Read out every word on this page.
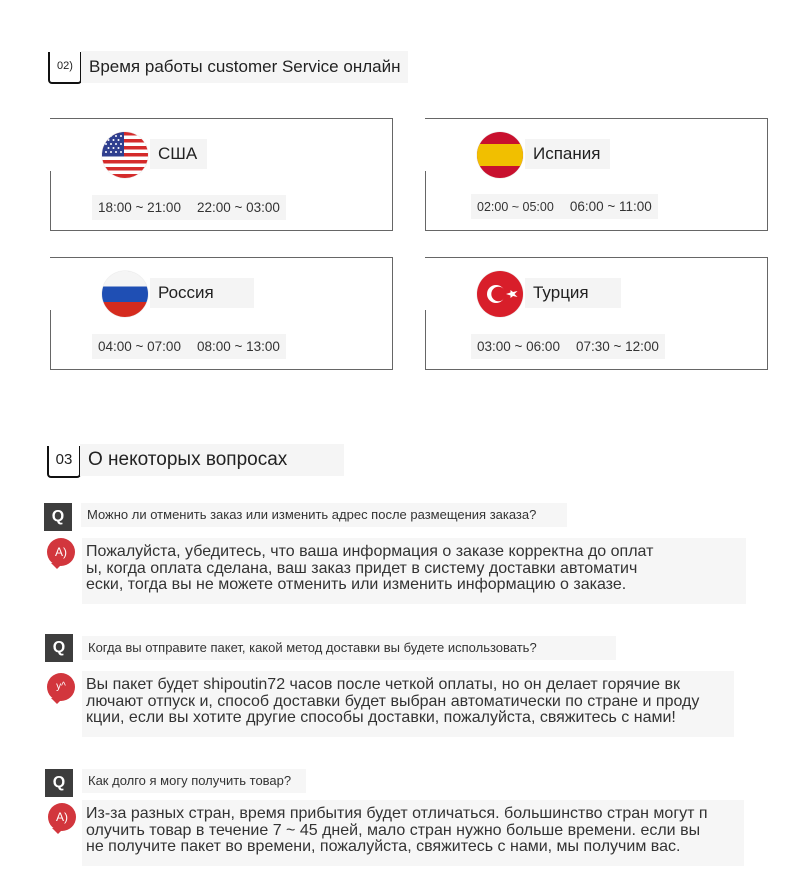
02) Время работы customer Service онлайн
США
18:00 ~ 21:00 22:00 ~ 03:00
Испания
02:00 ~ 05:00 06:00 ~ 11:00
Россия
04:00 ~ 07:00 08:00 ~ 13:00
Турция
03:00 ~ 06:00 07:30 ~ 12:00
03 О некоторых вопросах
Q	Можно ли отменить заказ или изменить адрес после размещения заказа?
A)	Пожалуйста, убедитесь, что ваша информация о заказе корректна до оплат
ы, когда оплата сделана, ваш заказ придет в систему доставки автоматич
ески, тогда вы не можете отменить или изменить информацию о заказе.
Q	Когда вы отправите пакет, какой метод доставки вы будете использовать?
у^	Вы пакет будет shipoutin72 часов после четкой оплаты, но он делает горячие вк
лючают отпуск и, способ доставки будет выбран автоматически по стране и проду
кции, если вы хотите другие способы доставки, пожалуйста, свяжитесь с нами!
Q	Как долго я могу получить товар?
A)	Из-за разных стран, время прибытия будет отличаться. большинство стран могут п
олучить товар в течение 7 ~ 45 дней, мало стран нужно больше времени. если вы
не получите пакет во времени, пожалуйста, свяжитесь с нами, мы получим вас.
